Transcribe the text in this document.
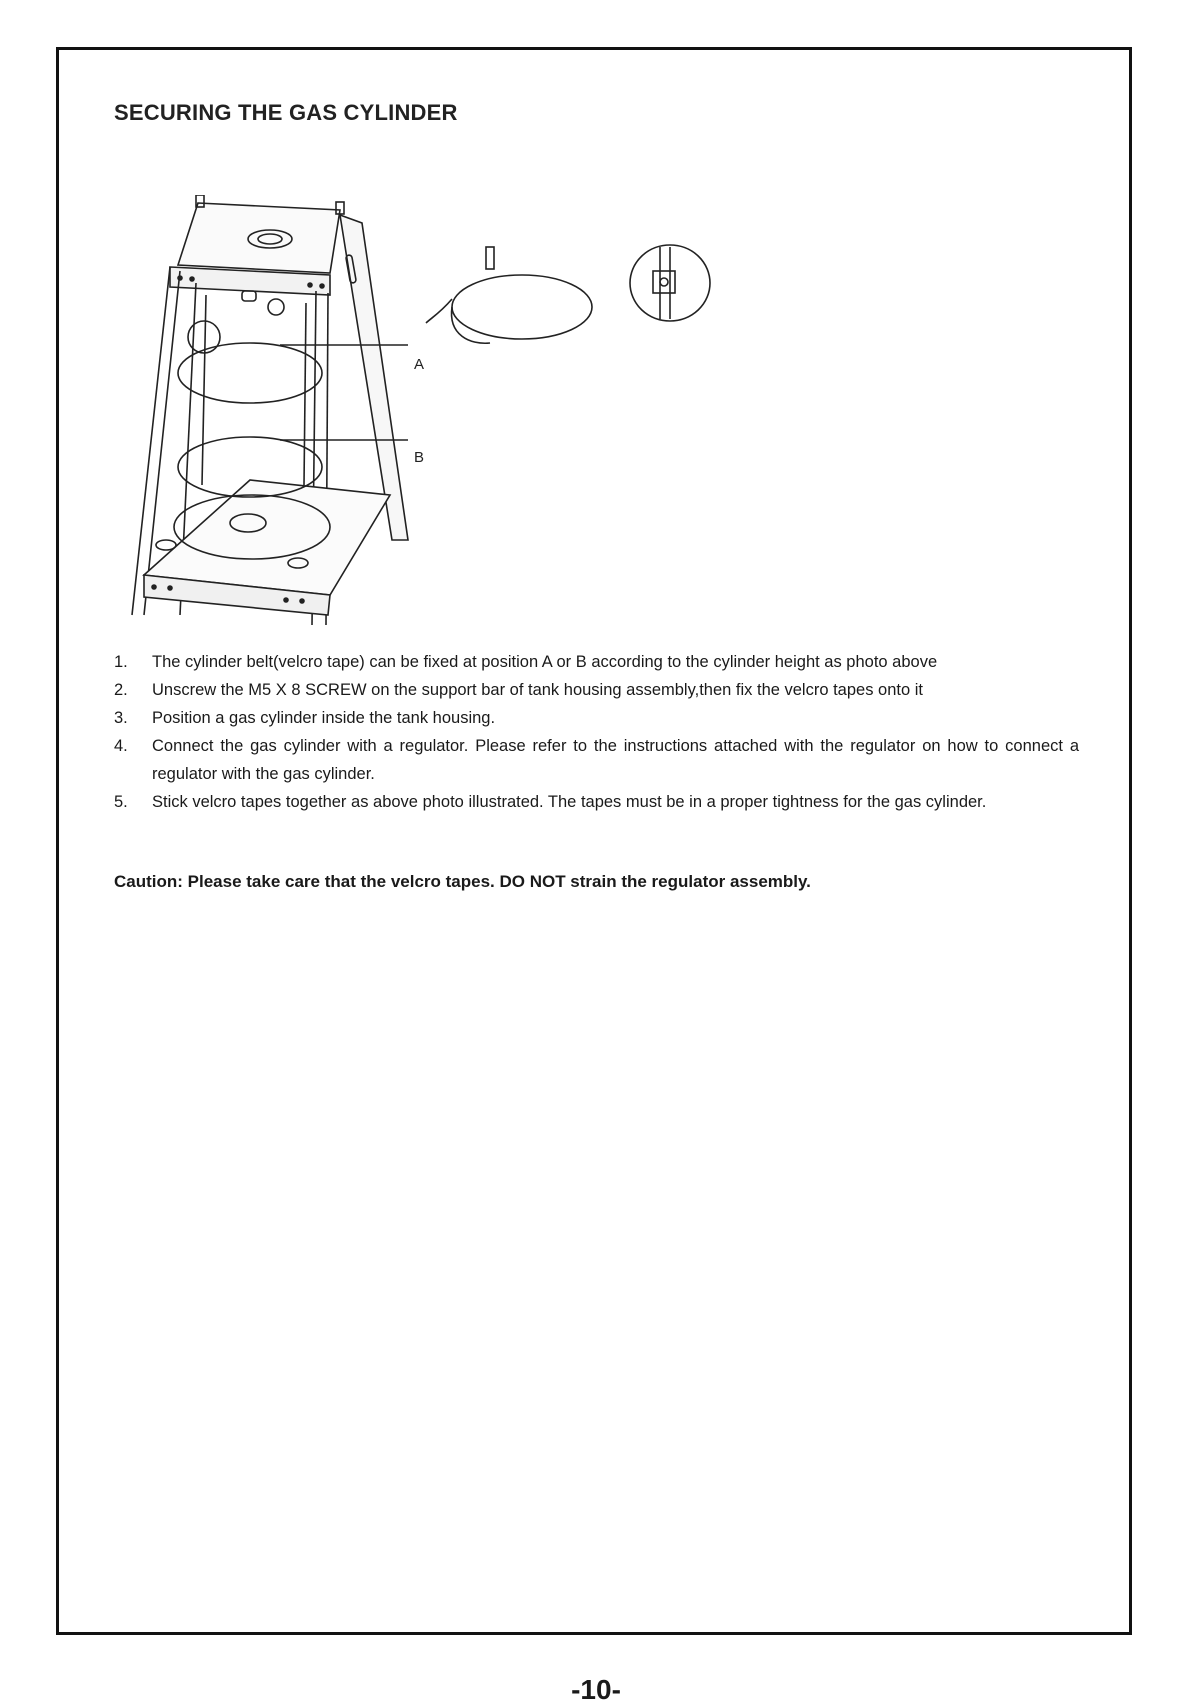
SECURING THE GAS CYLINDER
A
B
1.	The cylinder belt(velcro tape) can be fixed at position A or B according to the cylinder height as photo above
2.	Unscrew the M5 X 8 SCREW on the support bar of tank housing assembly,then fix the velcro tapes onto it
3.	Position a gas cylinder inside the tank housing.
4.	Connect the gas cylinder with a regulator. Please refer to the instructions attached with the regulator on how to connect a regulator with the gas cylinder.
5.	Stick velcro tapes together as above photo illustrated. The tapes must be in a proper tightness for the gas cylinder.

Caution: Please take care that the velcro tapes. DO NOT strain the regulator assembly.

-10-
